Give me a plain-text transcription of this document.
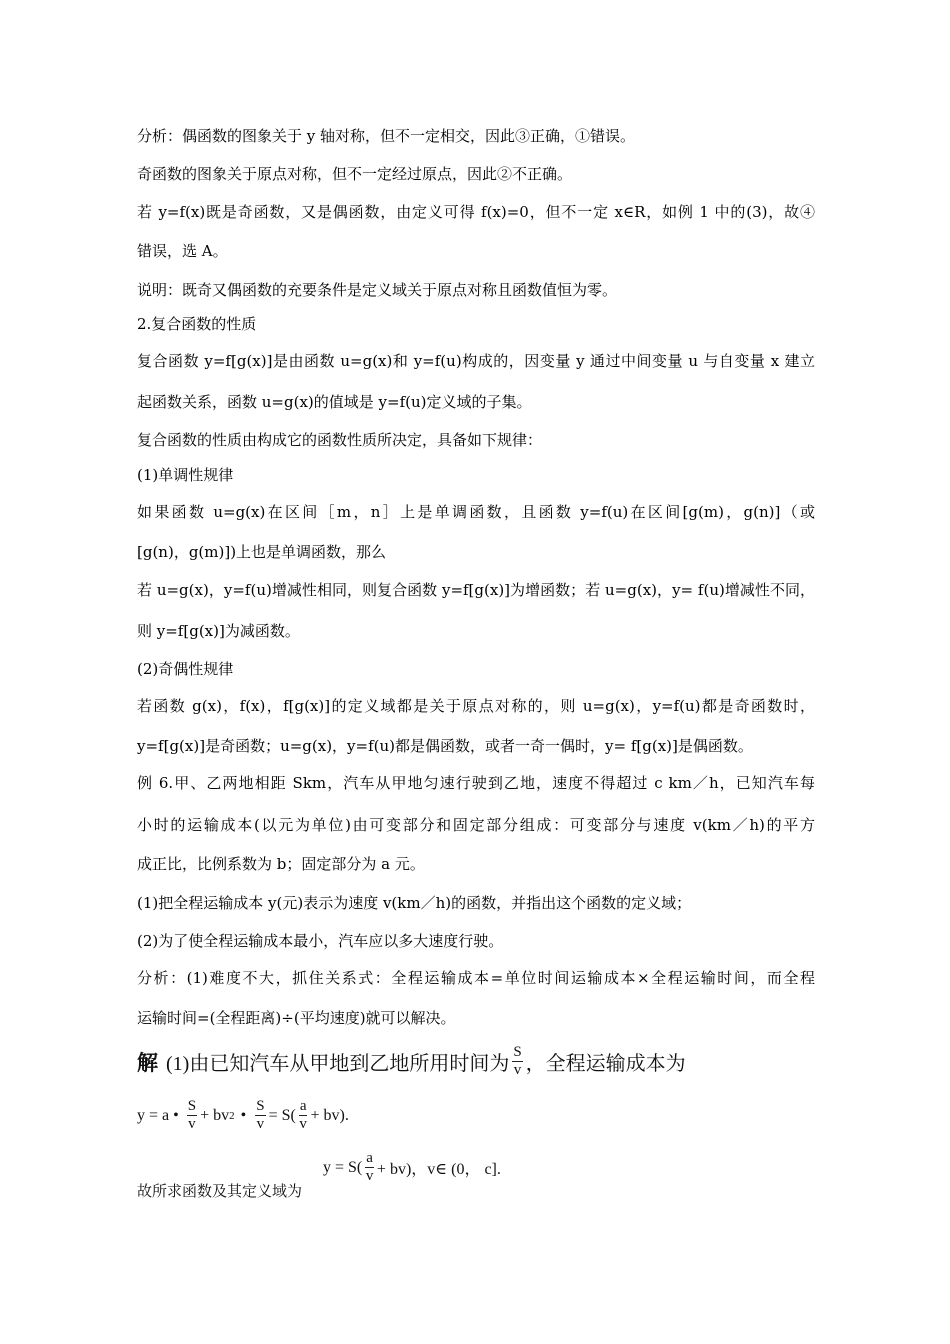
分析：偶函数的图象关于 y 轴对称，但不一定相交，因此③正确，①错误。
奇函数的图象关于原点对称，但不一定经过原点，因此②不正确。
若 y=f(x)既是奇函数，又是偶函数，由定义可得 f(x)=0，但不一定 x∈R，如例 1 中的(3)，故④
错误，选 A。
说明：既奇又偶函数的充要条件是定义域关于原点对称且函数值恒为零。
2.复合函数的性质
复合函数 y=f[g(x)]是由函数 u=g(x)和 y=f(u)构成的，因变量 y 通过中间变量 u 与自变量 x 建立
起函数关系，函数 u=g(x)的值域是 y=f(u)定义域的子集。
复合函数的性质由构成它的函数性质所决定，具备如下规律：
(1)单调性规律
如果函数 u=g(x)在区间［m，n］上是单调函数，且函数 y=f(u)在区间[g(m)，g(n)]（或
[g(n)，g(m)])上也是单调函数，那么
若 u=g(x)，y=f(u)增减性相同，则复合函数 y=f[g(x)]为增函数；若 u=g(x)，y= f(u)增减性不同，
则 y=f[g(x)]为减函数。
(2)奇偶性规律
若函数 g(x)，f(x)，f[g(x)]的定义域都是关于原点对称的，则 u=g(x)，y=f(u)都是奇函数时，
y=f[g(x)]是奇函数；u=g(x)，y=f(u)都是偶函数，或者一奇一偶时，y= f[g(x)]是偶函数。
例 6.甲、乙两地相距 Skm，汽车从甲地匀速行驶到乙地，速度不得超过 c km／h，已知汽车每
小时的运输成本(以元为单位)由可变部分和固定部分组成：可变部分与速度 v(km／h)的平方
成正比，比例系数为 b；固定部分为 a 元。
(1)把全程运输成本 y(元)表示为速度 v(km／h)的函数，并指出这个函数的定义域；
(2)为了使全程运输成本最小，汽车应以多大速度行驶。
分析：(1)难度不大，抓住关系式：全程运输成本=单位时间运输成本×全程运输时间，而全程
运输时间=(全程距离)÷(平均速度)就可以解决。
解 (1)由已知汽车从甲地到乙地所用时间为 $\frac{S}{v}$ ，全程运输成本为
y = a • $\frac{S}{v}$ + bv 2 • $\frac{S}{v} = S( \frac{a}{v} + bv)$.
故所求函数及其定义域为
$y = S( \frac{a}{v} + bv)$，v∈ (0， c].
